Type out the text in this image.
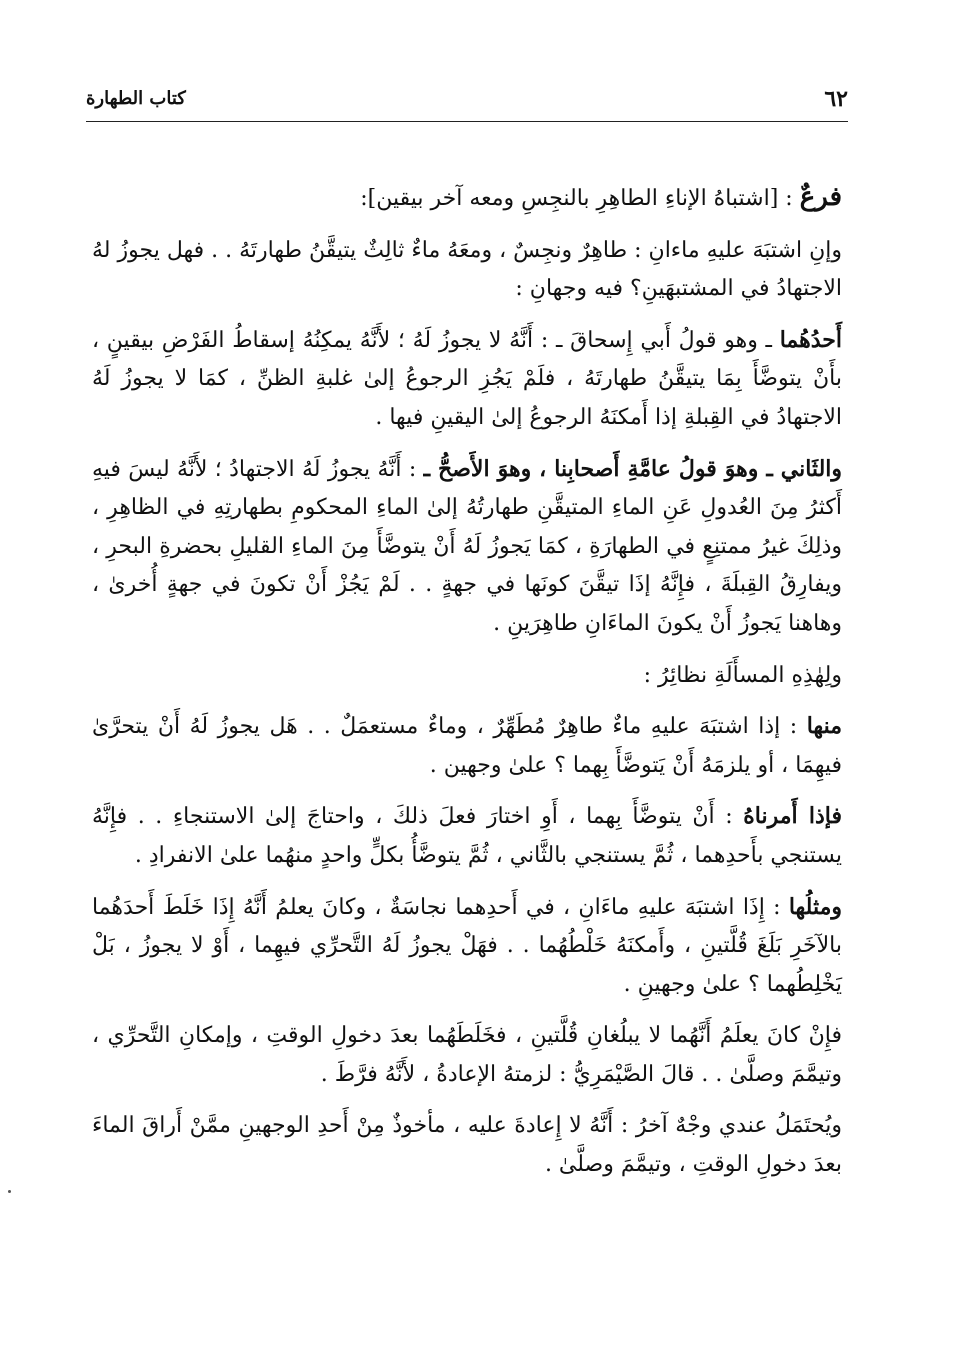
٦٢
كتاب الطهارة
فرعٌ : [اشتباهُ الإناءِ الطاهِرِ بالنجِسِ ومعه آخر بيقين]:

وإنِ اشتبَهَ عليهِ ماءانِ : طاهِرٌ ونجِسٌ ، ومعَهُ ماءٌ ثالِثٌ يتيقَّنُ طهارتَهُ . . فهل يجوزُ لهُ الاجتهادُ في المشتبهَينِ؟ فيه وجهانِ :

أَحدُهُما ـ وهو قولُ أَبي إِسحاقَ ـ : أَنَّهُ لا يجوزُ لَهُ ؛ لأَنَّهُ يمكِنُهُ إسقاطُ الفَرْضِ بيقينٍ ، بأَنْ يتوضَّأَ بِمَا يتيقَّنُ طهارتَهُ ، فلَمْ يَجُزِ الرجوعُ إلىٰ غلبةِ الظنِّ ، كمَا لا يجوزُ لَهُ الاجتهادُ في القِبلةِ إذا أَمكنَهُ الرجوعُ إلىٰ اليقينِ فيها .

والثَاني ـ وهوَ قولُ عامَّةِ أَصحابِنا ، وهوَ الأَصحُّ ـ : أَنَّهُ يجوزُ لَهُ الاجتهادُ ؛ لأَنَّهُ ليسَ فيهِ أَكثرُ مِنَ العُدولِ عَنِ الماءِ المتيقَّنِ طهارتُهُ إلىٰ الماءِ المحكومِ بطهارتِهِ في الظاهِرِ ، وذلِكَ غيرُ ممتنِعٍ في الطهارَةِ ، كمَا يَجوزُ لَهُ أَنْ يتوضَّأَ مِنَ الماءِ القليلِ بحضرةِ البحرِ ، ويفارِقُ القِبلَةَ ، فإِنَّهُ إذَا تيقَّنَ كونَها في جهةٍ . . لَمْ يَجُزْ أَنْ تكونَ في جهةٍ أُخرىٰ ، وهاهنا يَجوزُ أَنْ يكونَ الماءَانِ طاهِرَينِ .

ولِهٰذِهِ المسأَلَةِ نظائِرُ :

منها : إذا اشتبَهَ عليهِ ماءٌ طاهِرٌ مُطَهِّرٌ ، وماءٌ مستعمَلٌ . . هَل يجوزُ لَهُ أَنْ يتحرَّىٰ فيهِمَا ، أو يلزمَهُ أَنْ يَتوضَّأَ بِهما ؟ علىٰ وجهين .

فإذا أَمرناهُ : أَنْ يتوضَّأَ بِهما ، أَوِ اختارَ فعلَ ذلكَ ، واحتاجَ إلىٰ الاستنجاءِ . . فإِنَّهُ يستنجي بأَحدِهما ، ثُمَّ يستنجي بالثَّاني ، ثُمَّ يتوضَّأُ بكلٍّ واحدٍ منهُما علىٰ الانفرادِ .

ومثلُها : إِذَا اشتبَهَ عليهِ ماءَانِ ، في أَحدِهما نجاسَةٌ ، وكانَ يعلمُ أَنَّهُ إِذَا خَلَطَ أَحدَهُما بالآخَرِ بَلَغَ قُلَّتينِ ، وأَمكنَهُ خَلْطُهُما . . فهَلْ يجوزُ لَهُ التَّحرِّي فيهِما ، أَوْ لا يجوزُ ، بَلْ يَخْلِطُهما ؟ علىٰ وجهينِ .

فإِنْ كانَ يعلَمُ أَنَّهُما لا يبلُغانِ قُلَّتينِ ، فخَلَطَهُما بعدَ دخولِ الوقتِ ، وإمكانِ التَّحرِّي ، وتيمَّمَ وصلَّىٰ . . قالَ الصَّيْمَرِيُّ : لزمتهُ الإعادةُ ، لأَنَّهُ فرَّطَ .

ويُحتَمَلُ عندي وجْهٌ آخرُ : أَنَّهُ لا إِعادةَ عليه ، مأخوذٌ مِنْ أَحدِ الوجهينِ ممَّنْ أَراقَ الماءَ بعدَ دخولِ الوقتِ ، وتيمَّمَ وصلَّىٰ .
